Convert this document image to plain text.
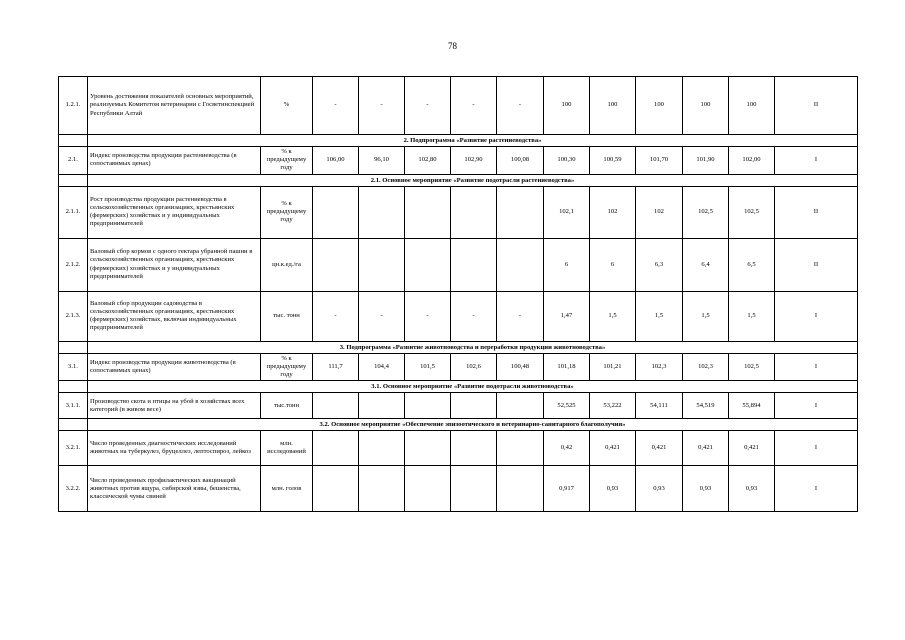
78
1.2.1.	Уровень достижения показателей основных мероприятий, реализуемых Комитетом ветеринарии с Госветинспекцией Республики Алтай	%	-	-	-	-	-	100	100	100	100	100	II
	2. Подпрограмма «Развитие растениеводства»												
2.1.	Индекс производства продукции растениеводства (в сопоставимых ценах)	% к предыдущему году	106,00	96,10	102,80	102,90	100,08	100,30	100,59	101,70	101,90	102,00	I
	2.1. Основное мероприятие «Развитие подотрасли растениеводства»												
2.1.1.	Рост производства продукции растениеводства в сельскохозяйственных организациях, крестьянских (фермерских) хозяйствах и у индивидуальных предпринимателей	% к предыдущему году						102,1	102	102	102,5	102,5	II
2.1.2.	Валовый сбор кормов с одного гектара убранной пашни в сельскохозяйственных организациях, крестьянских (фермерских) хозяйствах и у индивидуальных предпринимателей	цн.к.ед./га						6	6	6,3	6,4	6,5	II
2.1.3.	Валовый сбор продукции садоводства в сельскохозяйственных организациях, крестьянских (фермерских) хозяйствах, включая индивидуальных предпринимателей	тыс. тонн	-	-	-	-	-	1,47	1,5	1,5	1,5	1,5	I
	3. Подпрограмма «Развитие животноводства и переработки продукции животноводства»												
3.1.	Индекс производства продукции животноводства (в сопоставимых ценах)	% к предыдущему году	111,7	104,4	101,5	102,6	100,48	101,18	101,21	102,3	102,3	102,5	I
	3.1. Основное мероприятие «Развитие подотрасли животноводства»												
3.1.1.	Производство скота и птицы на убой в хозяйствах всех категорий (в живом весе)	тыс.тонн						52,525	53,222	54,111	54,519	55,894	I
	3.2. Основное мероприятие «Обеспечение эпизоотического и ветеринарно-санитарного благополучия»												
3.2.1.	Число проведенных диагностических исследований животных на туберкулез, бруцеллез, лептоспироз, лейкоз	млн. исследований						0,42	0,421	0,421	0,421	0,421	I
3.2.2.	Число проведенных профилактических вакцинаций животных против ящура, сибирской язвы, бешенства, классической чумы свиней	млн. голов						0,917	0,93	0,93	0,93	0,93	I
